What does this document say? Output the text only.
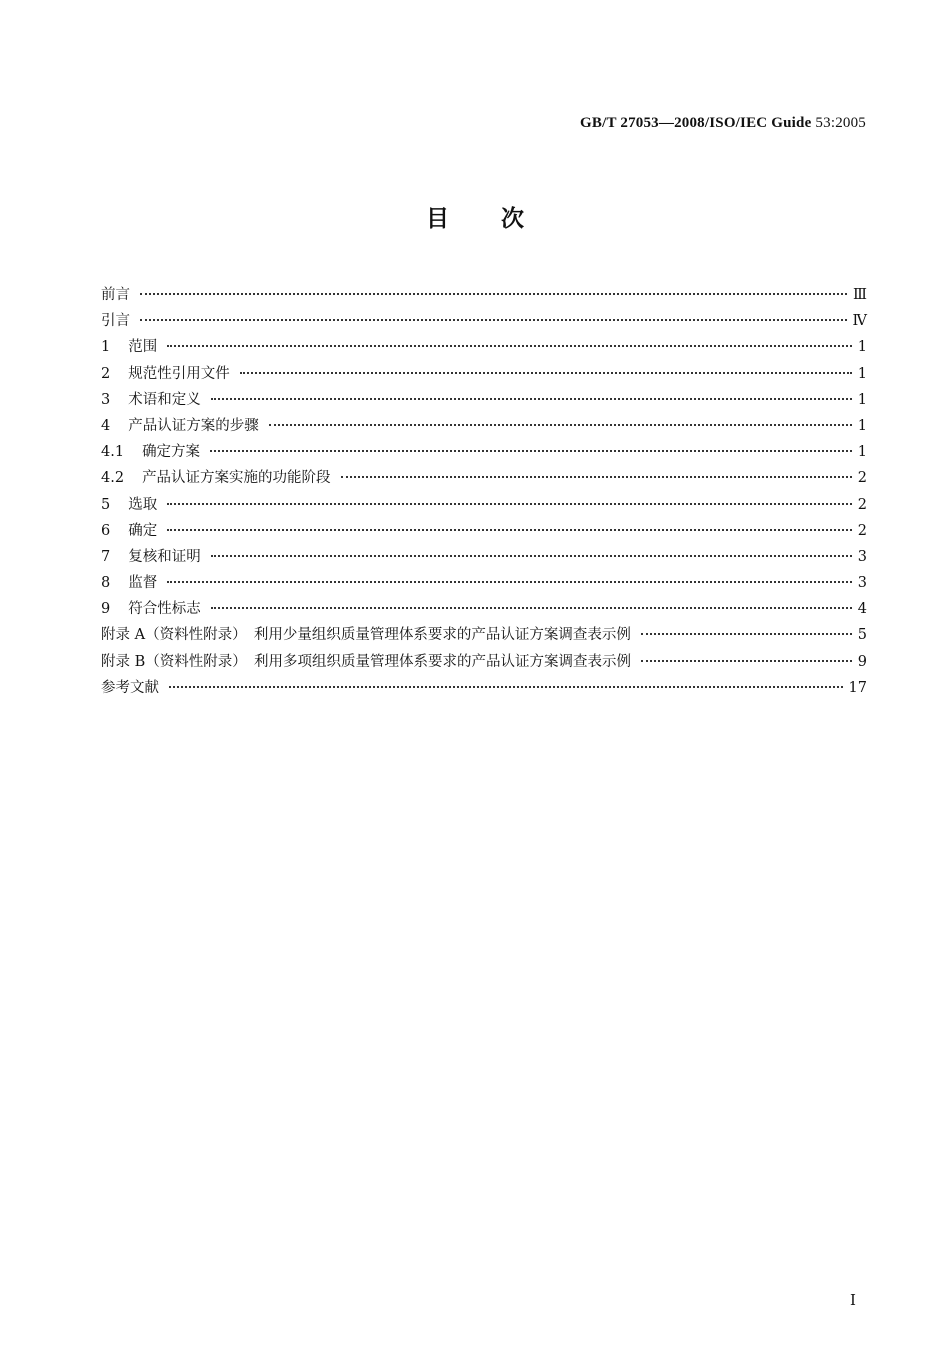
GB/T 27053—2008/ISO/IEC Guide 53:2005
目次
前言	Ⅲ
引言	Ⅳ
1 范围	1
2 规范性引用文件	1
3 术语和定义	1
4 产品认证方案的步骤	1
4.1 确定方案	1
4.2 产品认证方案实施的功能阶段	2
5 选取	2
6 确定	2
7 复核和证明	3
8 监督	3
9 符合性标志	4
附录 A（资料性附录）　利用少量组织质量管理体系要求的产品认证方案调查表示例	5
附录 B（资料性附录）　利用多项组织质量管理体系要求的产品认证方案调查表示例	9
参考文献	17
Ⅰ
